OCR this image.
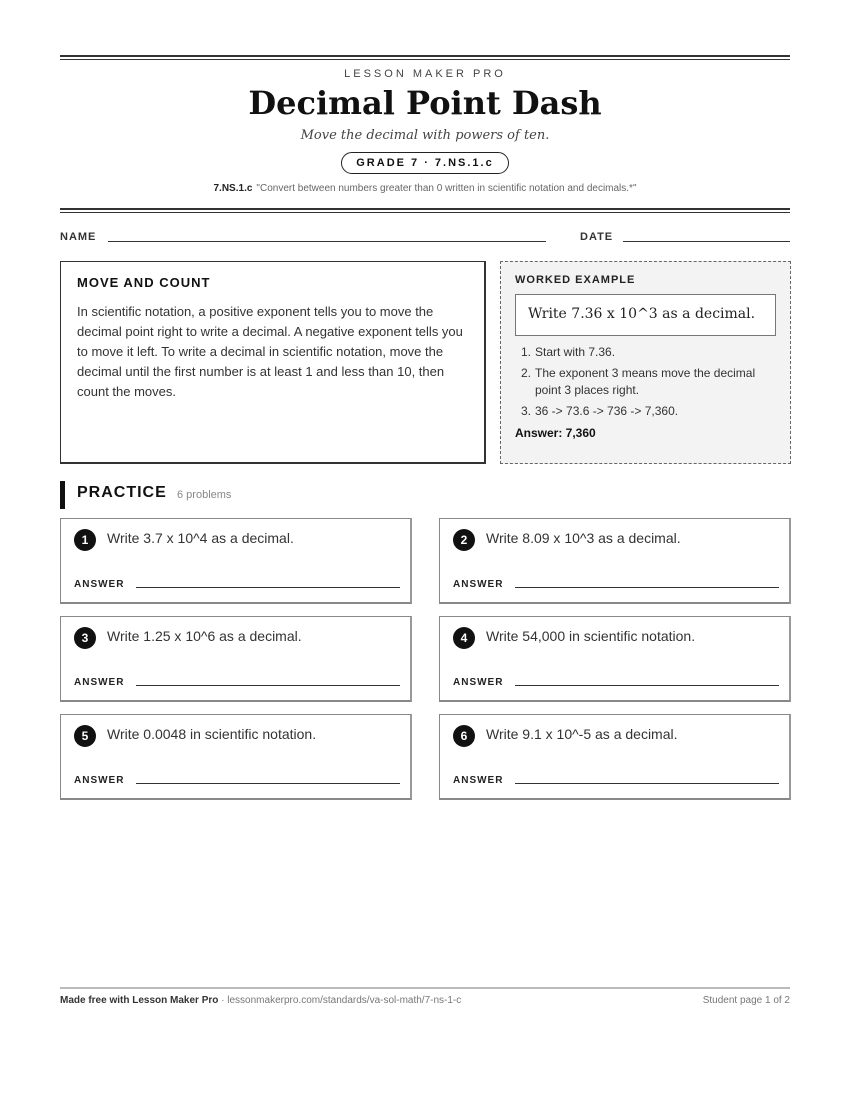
LESSON MAKER PRO
Decimal Point Dash
Move the decimal with powers of ten.
GRADE 7 · 7.NS.1.c
7.NS.1.c "Convert between numbers greater than 0 written in scientific notation and decimals.*"
NAME	DATE
MOVE AND COUNT

In scientific notation, a positive exponent tells you to move the decimal point right to write a decimal. A negative exponent tells you to move it left. To write a decimal in scientific notation, move the decimal until the first number is at least 1 and less than 10, then count the moves.

WORKED EXAMPLE
Write 7.36 x 10^3 as a decimal.
1. Start with 7.36.
2. The exponent 3 means move the decimal point 3 places right.
3. 36 -> 73.6 -> 736 -> 7,360.
Answer: 7,360
PRACTICE 6 problems
1	Write 3.7 x 10^4 as a decimal.
ANSWER
2	Write 8.09 x 10^3 as a decimal.
ANSWER
3	Write 1.25 x 10^6 as a decimal.
ANSWER
4	Write 54,000 in scientific notation.
ANSWER
5	Write 0.0048 in scientific notation.
ANSWER
6	Write 9.1 x 10^-5 as a decimal.
ANSWER
Made free with Lesson Maker Pro · lessonmakerpro.com/standards/va-sol-math/7-ns-1-c	Student page 1 of 2
